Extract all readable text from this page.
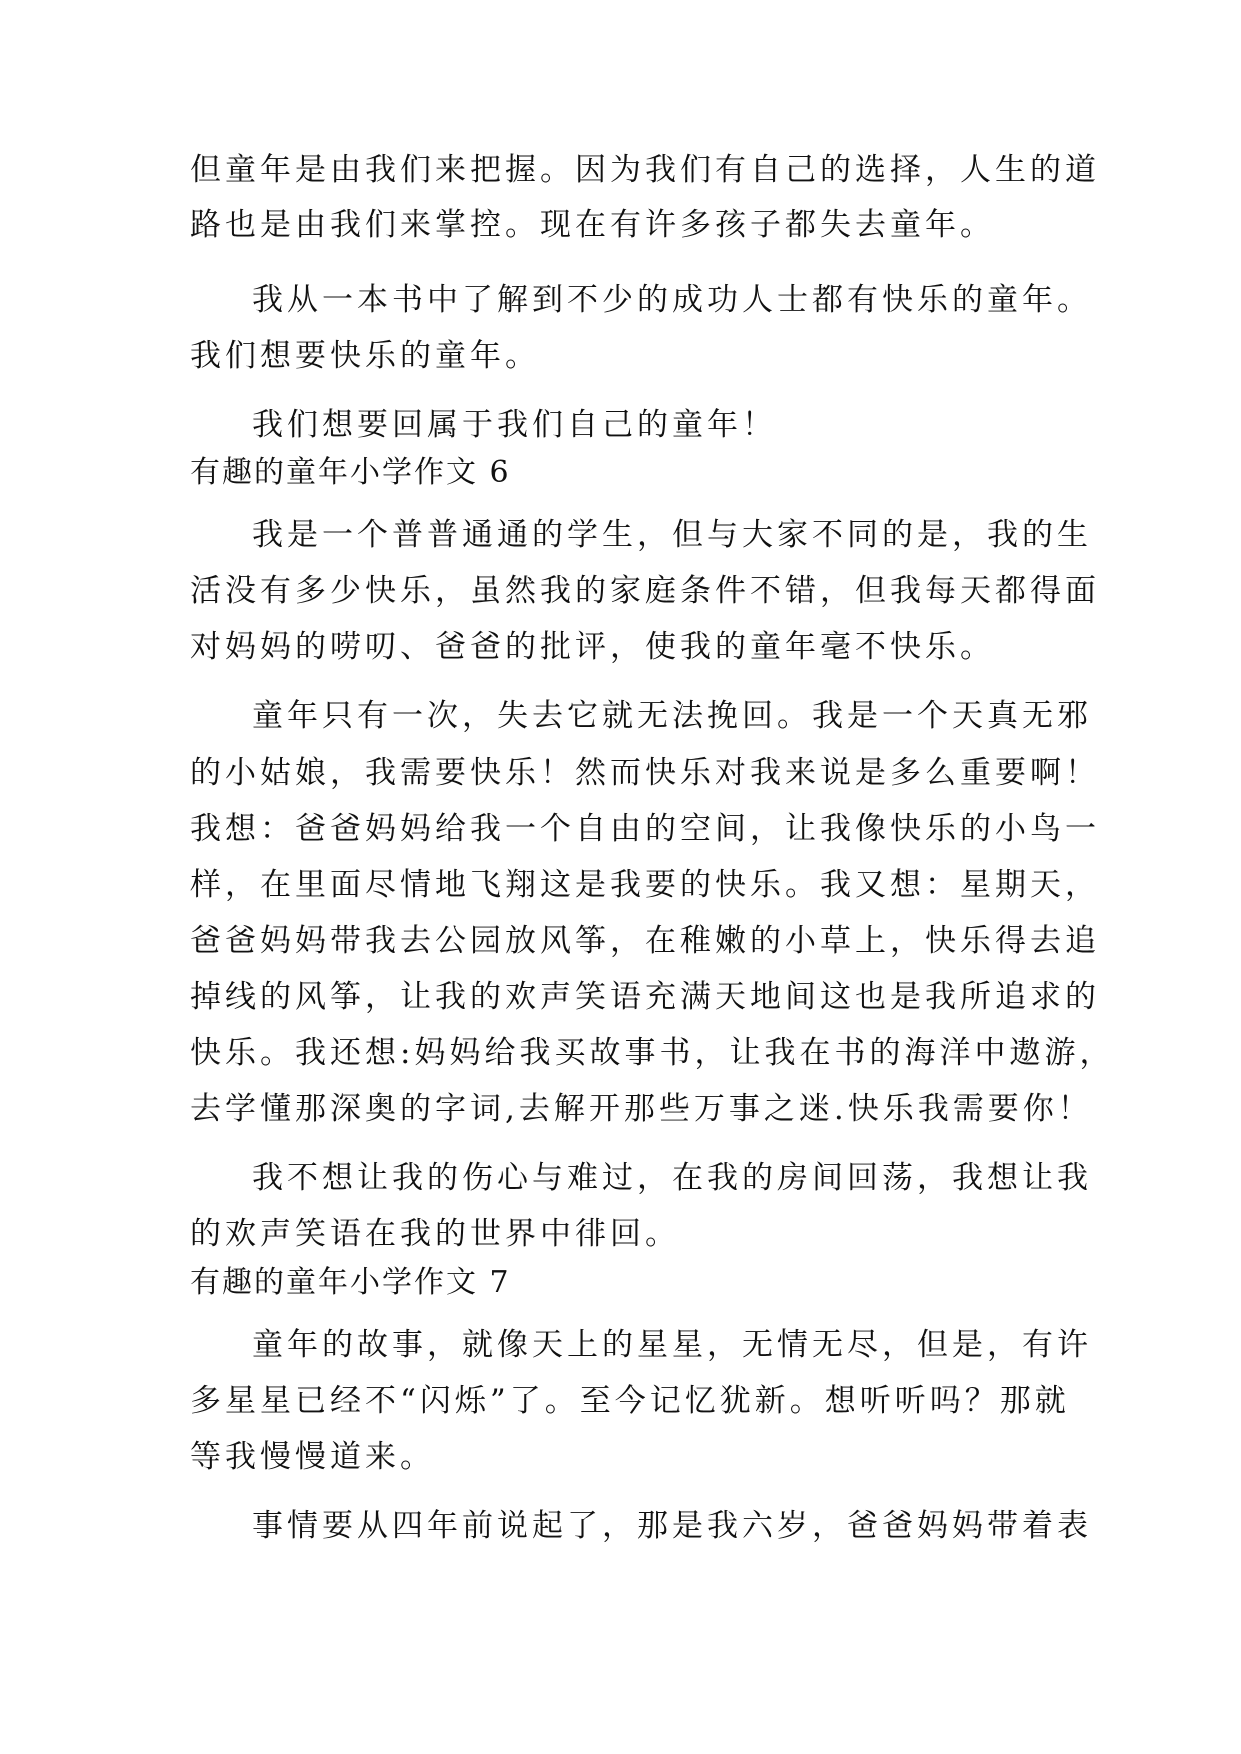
但童年是由我们来把握。因为我们有自己的选择，人生的道
路也是由我们来掌控。现在有许多孩子都失去童年。
我从一本书中了解到不少的成功人士都有快乐的童年。
我们想要快乐的童年。
我们想要回属于我们自己的童年！
有趣的童年小学作文 6
我是一个普普通通的学生，但与大家不同的是，我的生
活没有多少快乐，虽然我的家庭条件不错，但我每天都得面
对妈妈的唠叨、爸爸的批评，使我的童年毫不快乐。
童年只有一次，失去它就无法挽回。我是一个天真无邪
的小姑娘，我需要快乐！然而快乐对我来说是多么重要啊！
我想：爸爸妈妈给我一个自由的空间，让我像快乐的小鸟一
样，在里面尽情地飞翔这是我要的快乐。我又想：星期天，
爸爸妈妈带我去公园放风筝，在稚嫩的小草上，快乐得去追
掉线的风筝，让我的欢声笑语充满天地间这也是我所追求的
快乐。我还想:妈妈给我买故事书，让我在书的海洋中遨游，
去学懂那深奥的字词,去解开那些万事之迷.快乐我需要你！
我不想让我的伤心与难过，在我的房间回荡，我想让我
的欢声笑语在我的世界中徘回。
有趣的童年小学作文 7
童年的故事，就像天上的星星，无情无尽，但是，有许
多星星已经不“闪烁”了。至今记忆犹新。想听听吗？那就
等我慢慢道来。
事情要从四年前说起了，那是我六岁，爸爸妈妈带着表
